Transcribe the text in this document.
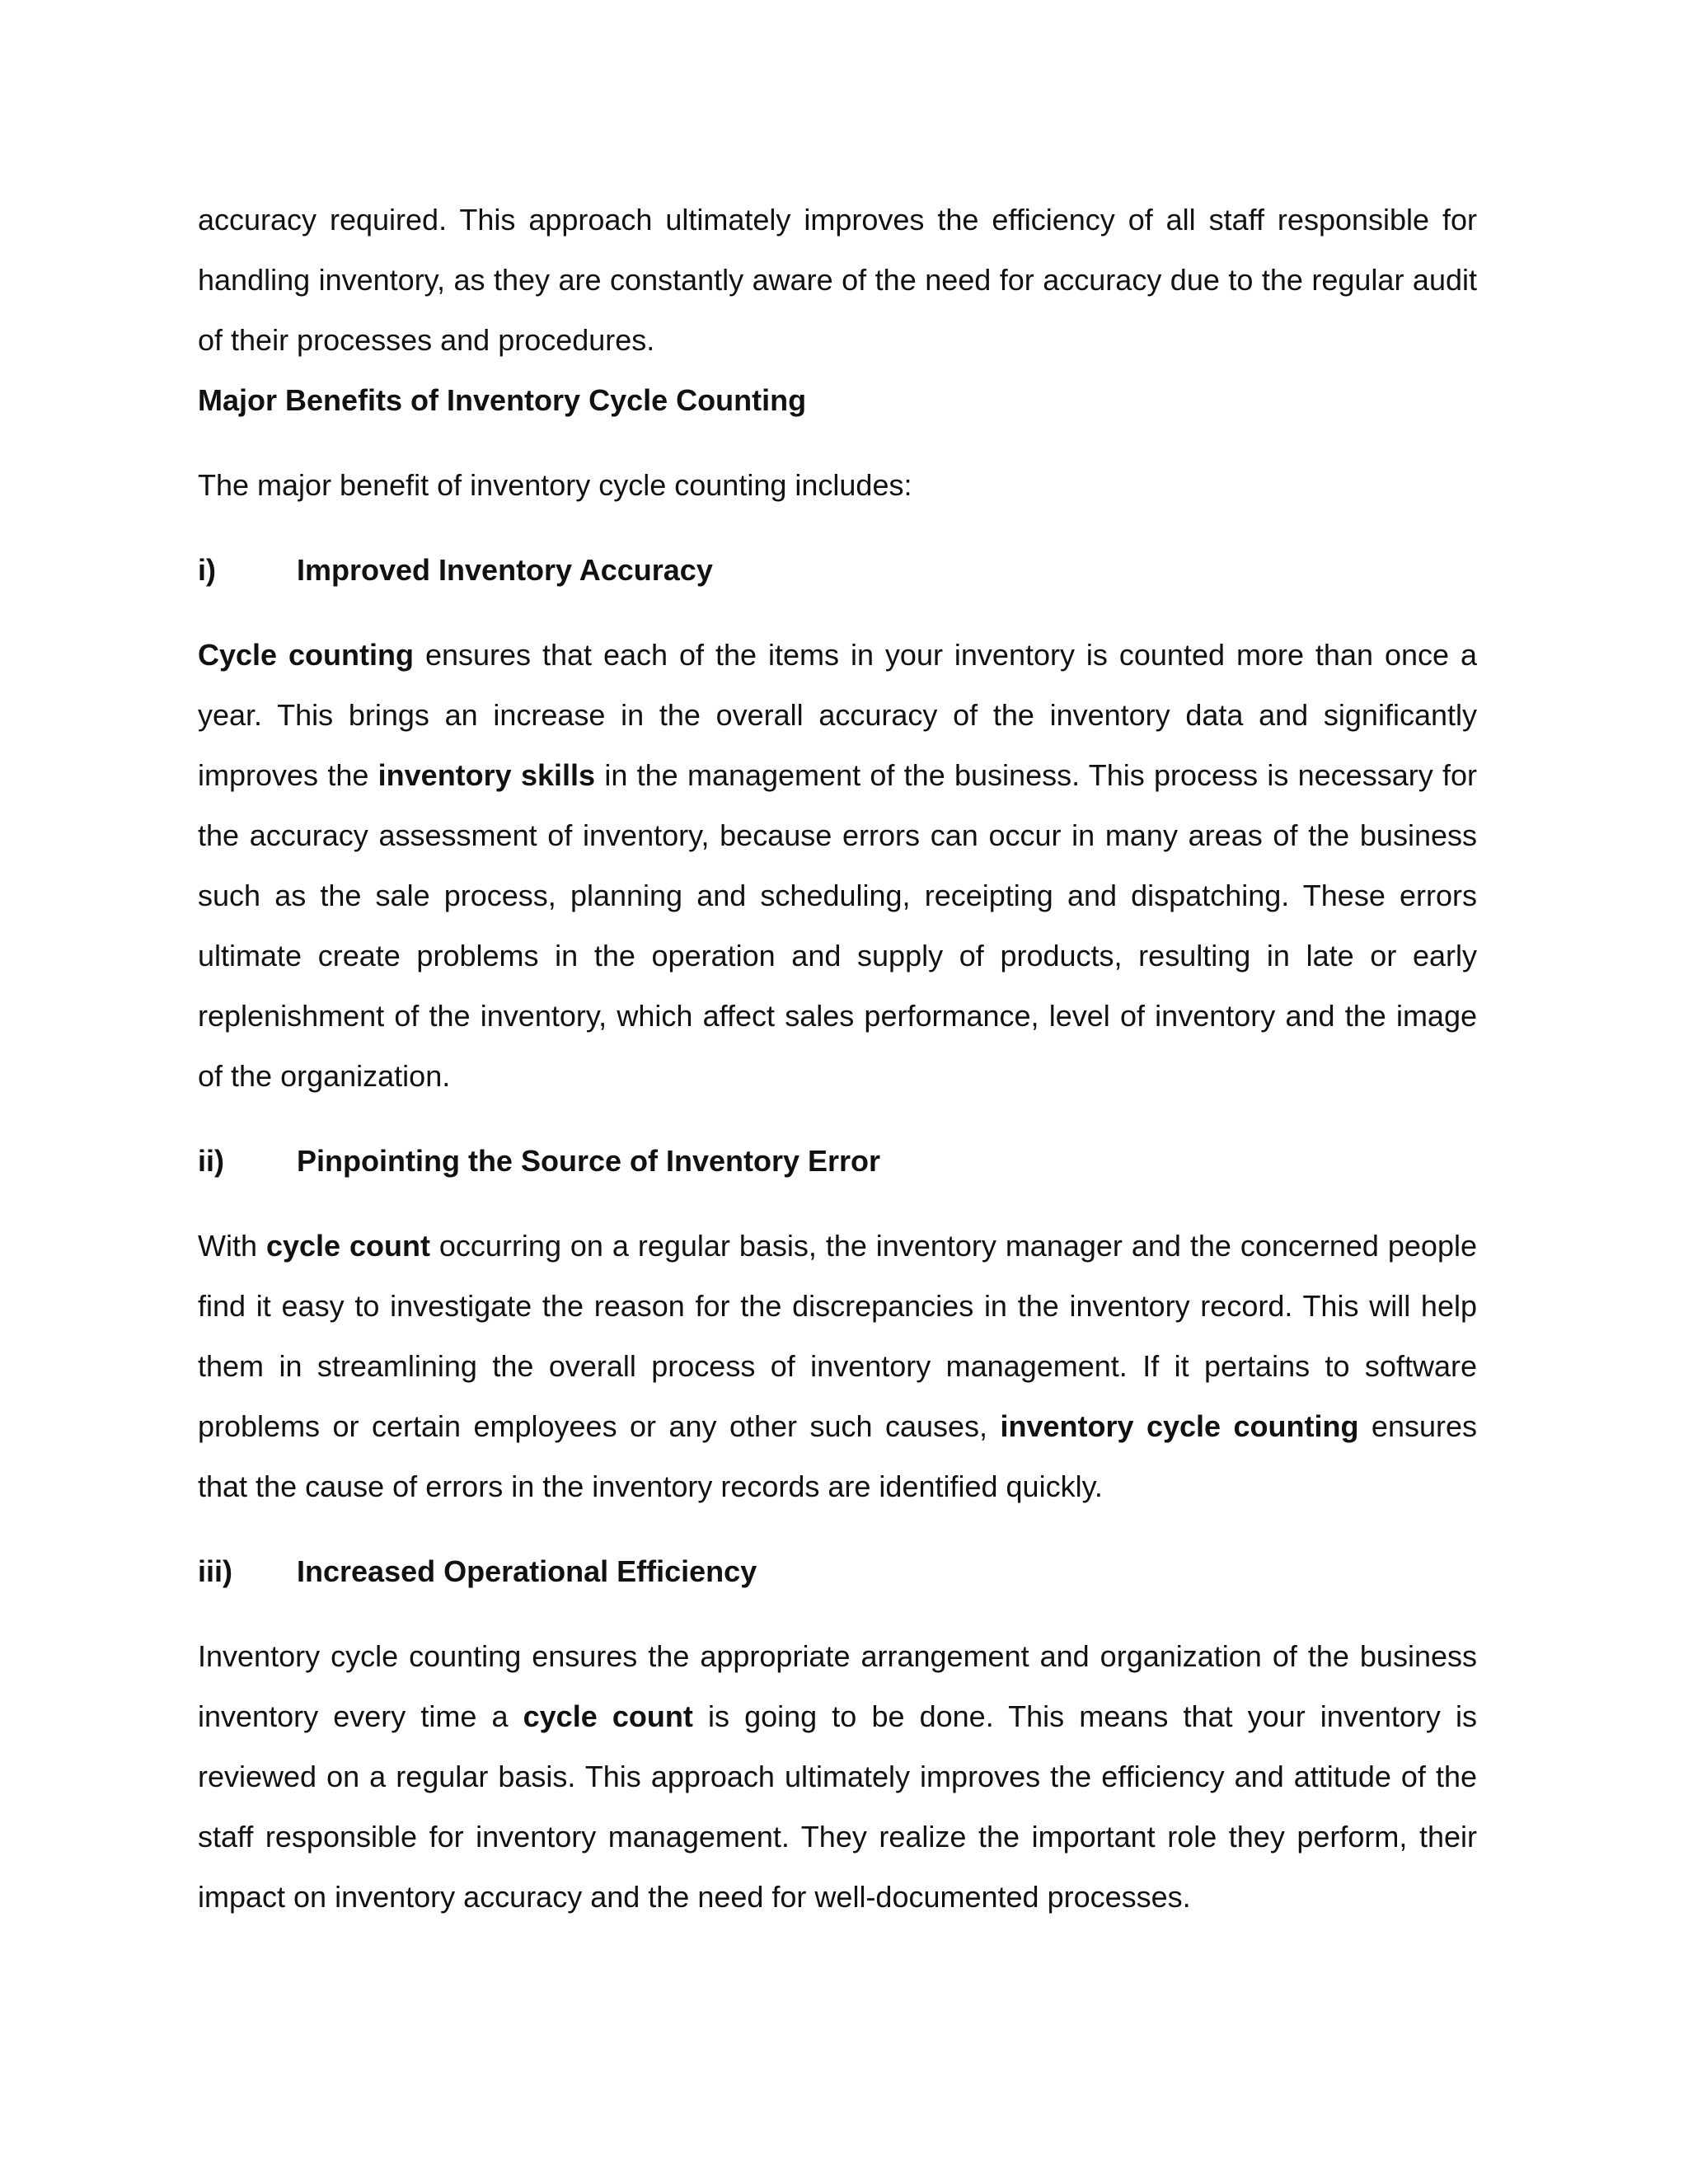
accuracy required. This approach ultimately improves the efficiency of all staff responsible for handling inventory, as they are constantly aware of the need for accuracy due to the regular audit of their processes and procedures.

Major Benefits of Inventory Cycle Counting

The major benefit of inventory cycle counting includes:

i)	Improved Inventory Accuracy

Cycle counting ensures that each of the items in your inventory is counted more than once a year. This brings an increase in the overall accuracy of the inventory data and significantly improves the inventory skills in the management of the business. This process is necessary for the accuracy assessment of inventory, because errors can occur in many areas of the business such as the sale process, planning and scheduling, receipting and dispatching. These errors ultimate create problems in the operation and supply of products, resulting in late or early replenishment of the inventory, which affect sales performance, level of inventory and the image of the organization.

ii)	Pinpointing the Source of Inventory Error

With cycle count occurring on a regular basis, the inventory manager and the concerned people find it easy to investigate the reason for the discrepancies in the inventory record. This will help them in streamlining the overall process of inventory management. If it pertains to software problems or certain employees or any other such causes, inventory cycle counting ensures that the cause of errors in the inventory records are identified quickly.

iii)	Increased Operational Efficiency

Inventory cycle counting ensures the appropriate arrangement and organization of the business inventory every time a cycle count is going to be done. This means that your inventory is reviewed on a regular basis. This approach ultimately improves the efficiency and attitude of the staff responsible for inventory management. They realize the important role they perform, their impact on inventory accuracy and the need for well-documented processes.
